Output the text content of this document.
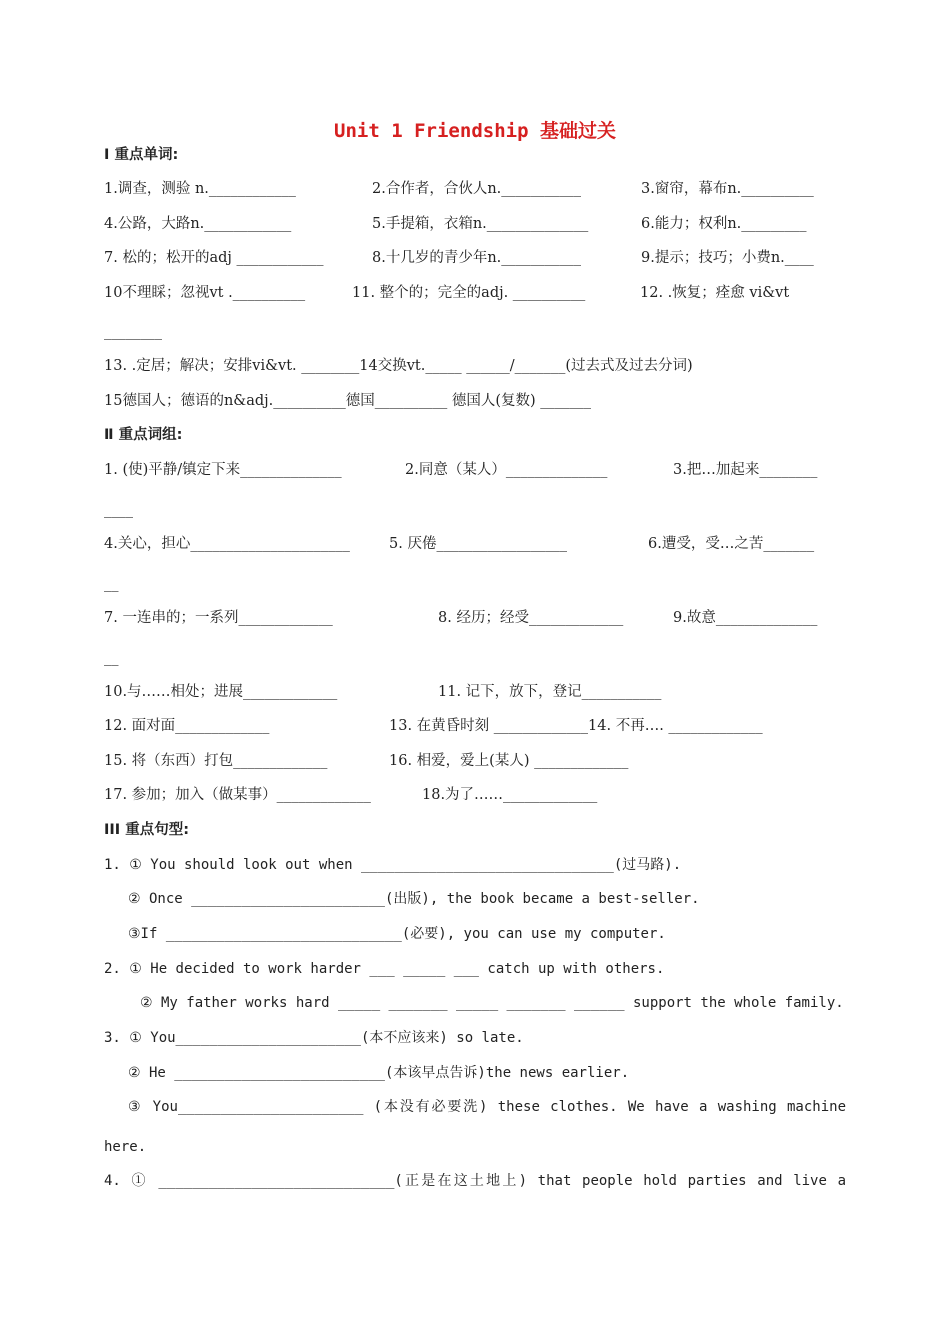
Unit 1 Friendship 基础过关
Ⅰ 重点单词:
1.调查，测验 n.____________	2.合作者，合伙人n.___________	3.窗帘，幕布n.__________
4.公路，大路n.____________	5.手提箱，衣箱n.______________	6.能力；权利n._________
7. 松的；松开的adj ____________	8.十几岁的青少年n.___________	9.提示；技巧；小费n.____
10不理睬；忽视vt .__________	11. 整个的；完全的adj. __________	12. .恢复；痊愈 vi&vt
________
13. .定居；解决；安排vi&vt. ________14交换vt._____ ______/_______(过去式及过去分词)
15德国人；德语的n&adj.__________德国__________ 德国人(复数) _______
Ⅱ 重点词组:
1. (使)平静/镇定下来______________	2.同意（某人）______________	3.把…加起来________
____
4.关心，担心______________________	5. 厌倦__________________	6.遭受，受…之苦_______
__
7. 一连串的；一系列_____________	8. 经历；经受_____________	9.故意______________
__
10.与……相处；进展_____________	11. 记下，放下，登记___________
12. 面对面_____________	13. 在黄昏时刻 _____________14. 不再…. _____________
15. 将（东西）打包_____________	16. 相爱，爱上(某人) _____________
17. 参加；加入（做某事）_____________	18.为了……_____________
III 重点句型:
1. ① You should look out when ______________________________(过马路).
② Once _______________________(出版), the book became a best-seller.
③If ____________________________(必要), you can use my computer.
2. ① He decided to work harder ___ _____ ___ catch up with others.
② My father works hard _____ _______ _____ _______ ______ support the whole family.
3. ① You______________________(本不应该来) so late.
② He _________________________(本该早点告诉)the news earlier.
③ You______________________ (本没有必要洗) these clothes. We have a washing machine
here.
4. ① ____________________________(正是在这土地上) that people hold parties and live a
